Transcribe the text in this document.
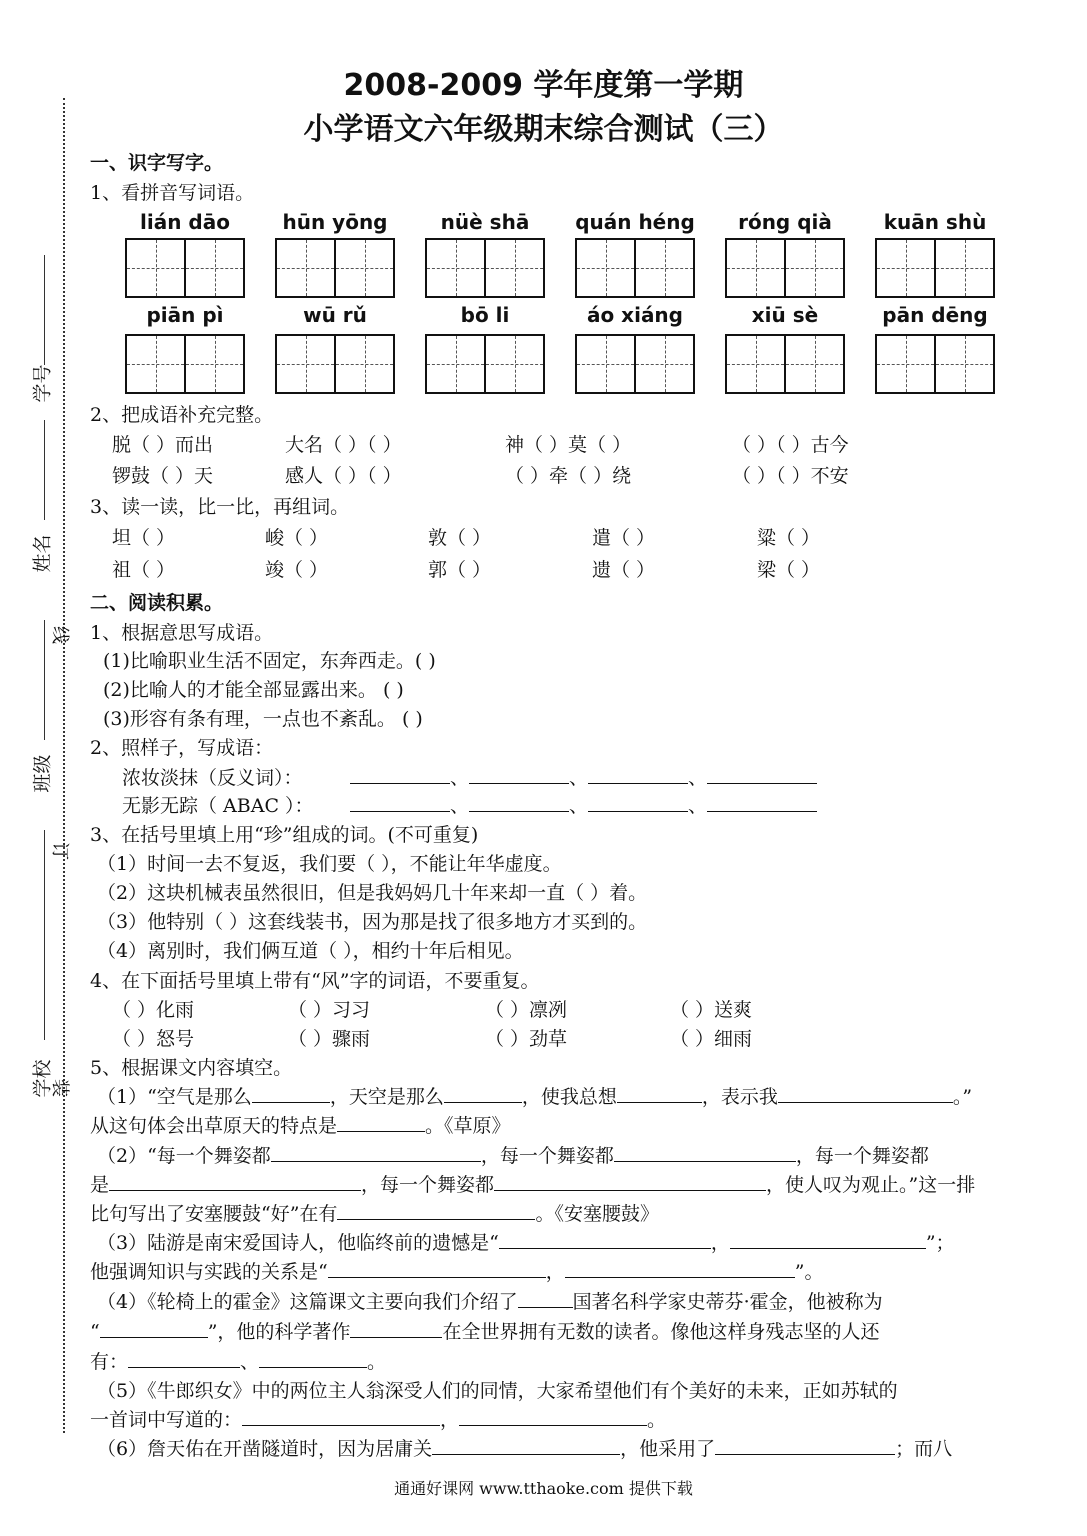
2008-2009 学年度第一学期
小学语文六年级期末综合测试（三）
学号
姓名
班级
学校
线
订
装
一、识字写字。
1、看拼音写词语。
lián dāo	hūn yōng	nüè shā	quán héng	róng qià	kuān shù
piān pì	wū rǔ	bō li	áo xiáng	xiū sè	pān dēng
2、把成语补充完整。
脱（ ）而出	大名（ ）（ ）	神（ ）莫（ ）	（ ）（ ）古今
锣鼓（ ）天	感人（ ）（ ）	（ ）牵（ ）绕	（ ）（ ）不安
3、读一读，比一比，再组词。
坦（ ）	峻（ ）	敦（ ）	遣（ ）	粱（ ）
祖（ ）	竣（ ）	郭（ ）	遗（ ）	梁（ ）
二、阅读积累。
1、根据意思写成语。
(1)比喻职业生活不固定，东奔西走。( )
(2)比喻人的才能全部显露出来。 ( )
(3)形容有条有理，一点也不紊乱。 ( )
2、照样子，写成语：
浓妆淡抹（反义词）：	、	、	、
无影无踪（ ABAC ）：	、	、	、
3、在括号里填上用“珍”组成的词。(不可重复)
（1）时间一去不复返，我们要（ ），不能让年华虚度。
（2）这块机械表虽然很旧，但是我妈妈几十年来却一直（ ）着。
（3）他特别（ ）这套线装书，因为那是找了很多地方才买到的。
（4）离别时，我们俩互道（ ），相约十年后相见。
4、在下面括号里填上带有“风”字的词语，不要重复。
（ ）化雨	（ ）习习	（ ）凛冽	（ ）送爽
（ ）怒号	（ ）骤雨	（ ）劲草	（ ）细雨
5、根据课文内容填空。
（1）“空气是那么	，天空是那么	，使我总想	，表示我	。”
从这句体会出草原天的特点是	。《草原》
（2）“每一个舞姿都	，每一个舞姿都	，每一个舞姿都
是	，每一个舞姿都	，使人叹为观止。”这一排
比句写出了安塞腰鼓“好”在有	。《安塞腰鼓》
（3）陆游是南宋爱国诗人，他临终前的遗憾是“	，	”；
他强调知识与实践的关系是“	，	”。
（4）《轮椅上的霍金》这篇课文主要向我们介绍了	国著名科学家史蒂芬·霍金，他被称为
“	”，他的科学著作	在全世界拥有无数的读者。像他这样身残志坚的人还
有：	、	。
（5）《牛郎织女》中的两位主人翁深受人们的同情，大家希望他们有个美好的未来，正如苏轼的
一首词中写道的：	，	。
（6）詹天佑在开凿隧道时，因为居庸关	，他采用了	；而八
通通好课网 www.tthaoke.com 提供下载
